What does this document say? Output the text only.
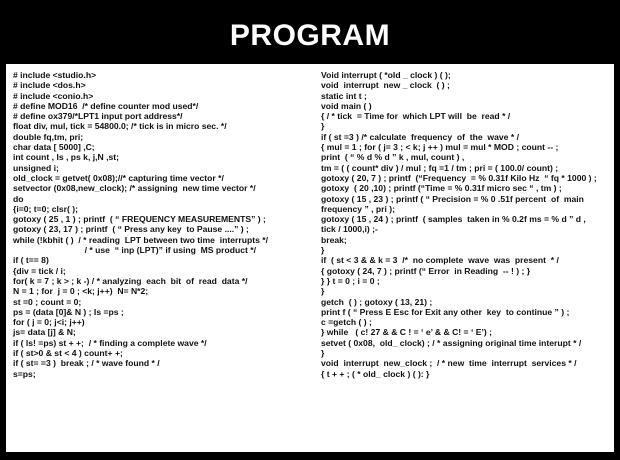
PROGRAM
# include <studio.h>
# include <dos.h>
# include <conio.h>
# define MOD16  /* define counter mod used*/
# define ox379/*LPT1 input port address*/
float div, mul, tick = 54800.0; /* tick is in micro sec. */
double fq,tm, pri;
char data [ 5000] ,C;
int count , Is , ps k, j,N ,st;
unsigned i;
old_clock = getvet( 0x08);//* capturing time vector */
setvector (0x08,new_clock); /* assigning  new time vector */
do
{i=0; t=0; clsr( );
gotoxy ( 25 , 1 ) ; printf  ( “ FREQUENCY MEASUREMENTS” ) ;
gotoxy ( 23, 17 ) ; printf  ( “ Press any key  to Pause ....” ) ;
while (!kbhit ( )  / * reading  LPT between two time  interrupts */
/ * use  “ inp (LPT)” if using  MS product */
if ( t== 8)
{div = tick / i;
for( k = 7 ; k > ; k -) / * analyzing  each  bit  of  read  data */
N = 1 ; for  j = 0 ; <k; j++)  N= N*2;
st =0 ; count = 0;
ps = (data [0]& N ) ; Is =ps ;
for ( j = 0; j<i; j++)
js= data [j] & N;
if ( ls! =ps) st + +;  / * finding a complete wave */
if ( st>0 & st < 4 ) count+ +;
if ( st= =3 )  break ; / * wave found * /
s=ps;
Void interrupt ( *old _ clock ) ( );
void  interrupt  new _ clock  ( ) ;
static int t ;
void main ( )
{ / * tick  = Time for  which LPT will  be  read * /
}
if ( st =3 ) /* calculate  frequency  of  the  wave * /
{ mul = 1 ; for ( j= 3 ; < k; j ++ ) mul = mul * MOD ; count -- ;
print  ( “ % d % d ” k , mul, count ) ,
tm = ( ( count* div ) / mul ; fq =1 / tm ; pri = ( 100.0/ count) ;
gotoxy ( 20, 7 ) ; printf  (“Frequency  = % 0.31f Kilo Hz  “ fq * 1000 ) ;
gotoxy  ( 20 ,10) ; printf (“Time = % 0.31f micro sec “ , tm ) ;
gotoxy ( 15 , 23 ) ; printf ( “ Precision = % 0 .51f percent  of  main
frequency ” , pri );
gotoxy ( 15 , 24 ) ; printf  ( samples  taken in % 0.2f ms = % d ” d ,
tick / 1000,i) ;-
break;
}
if  ( st < 3 & & k = 3  /*  no complete  wave  was  present  * /
{ gotoxy ( 24, 7 ) ; printf (“ Error  in Reading  -- ! ) ; }
} } t = 0 ; i = 0 ;
}
getch  ( ) ; gotoxy ( 13, 21) ;
print f ( “ Press E Esc for Exit any other  key  to continue ” ) ;
c =getch ( ) ;
} while   ( c! 27 & & C ! = ‘ e’ & & C! = ‘ E’) ;
setvet ( 0x08,  old_ clock) ; / * assigning original time interupt * /
}
void  interrupt  new_clock ;  / * new  time  interrupt  services * /
{ t + + ; ( * old_ clock ) ( ): }
